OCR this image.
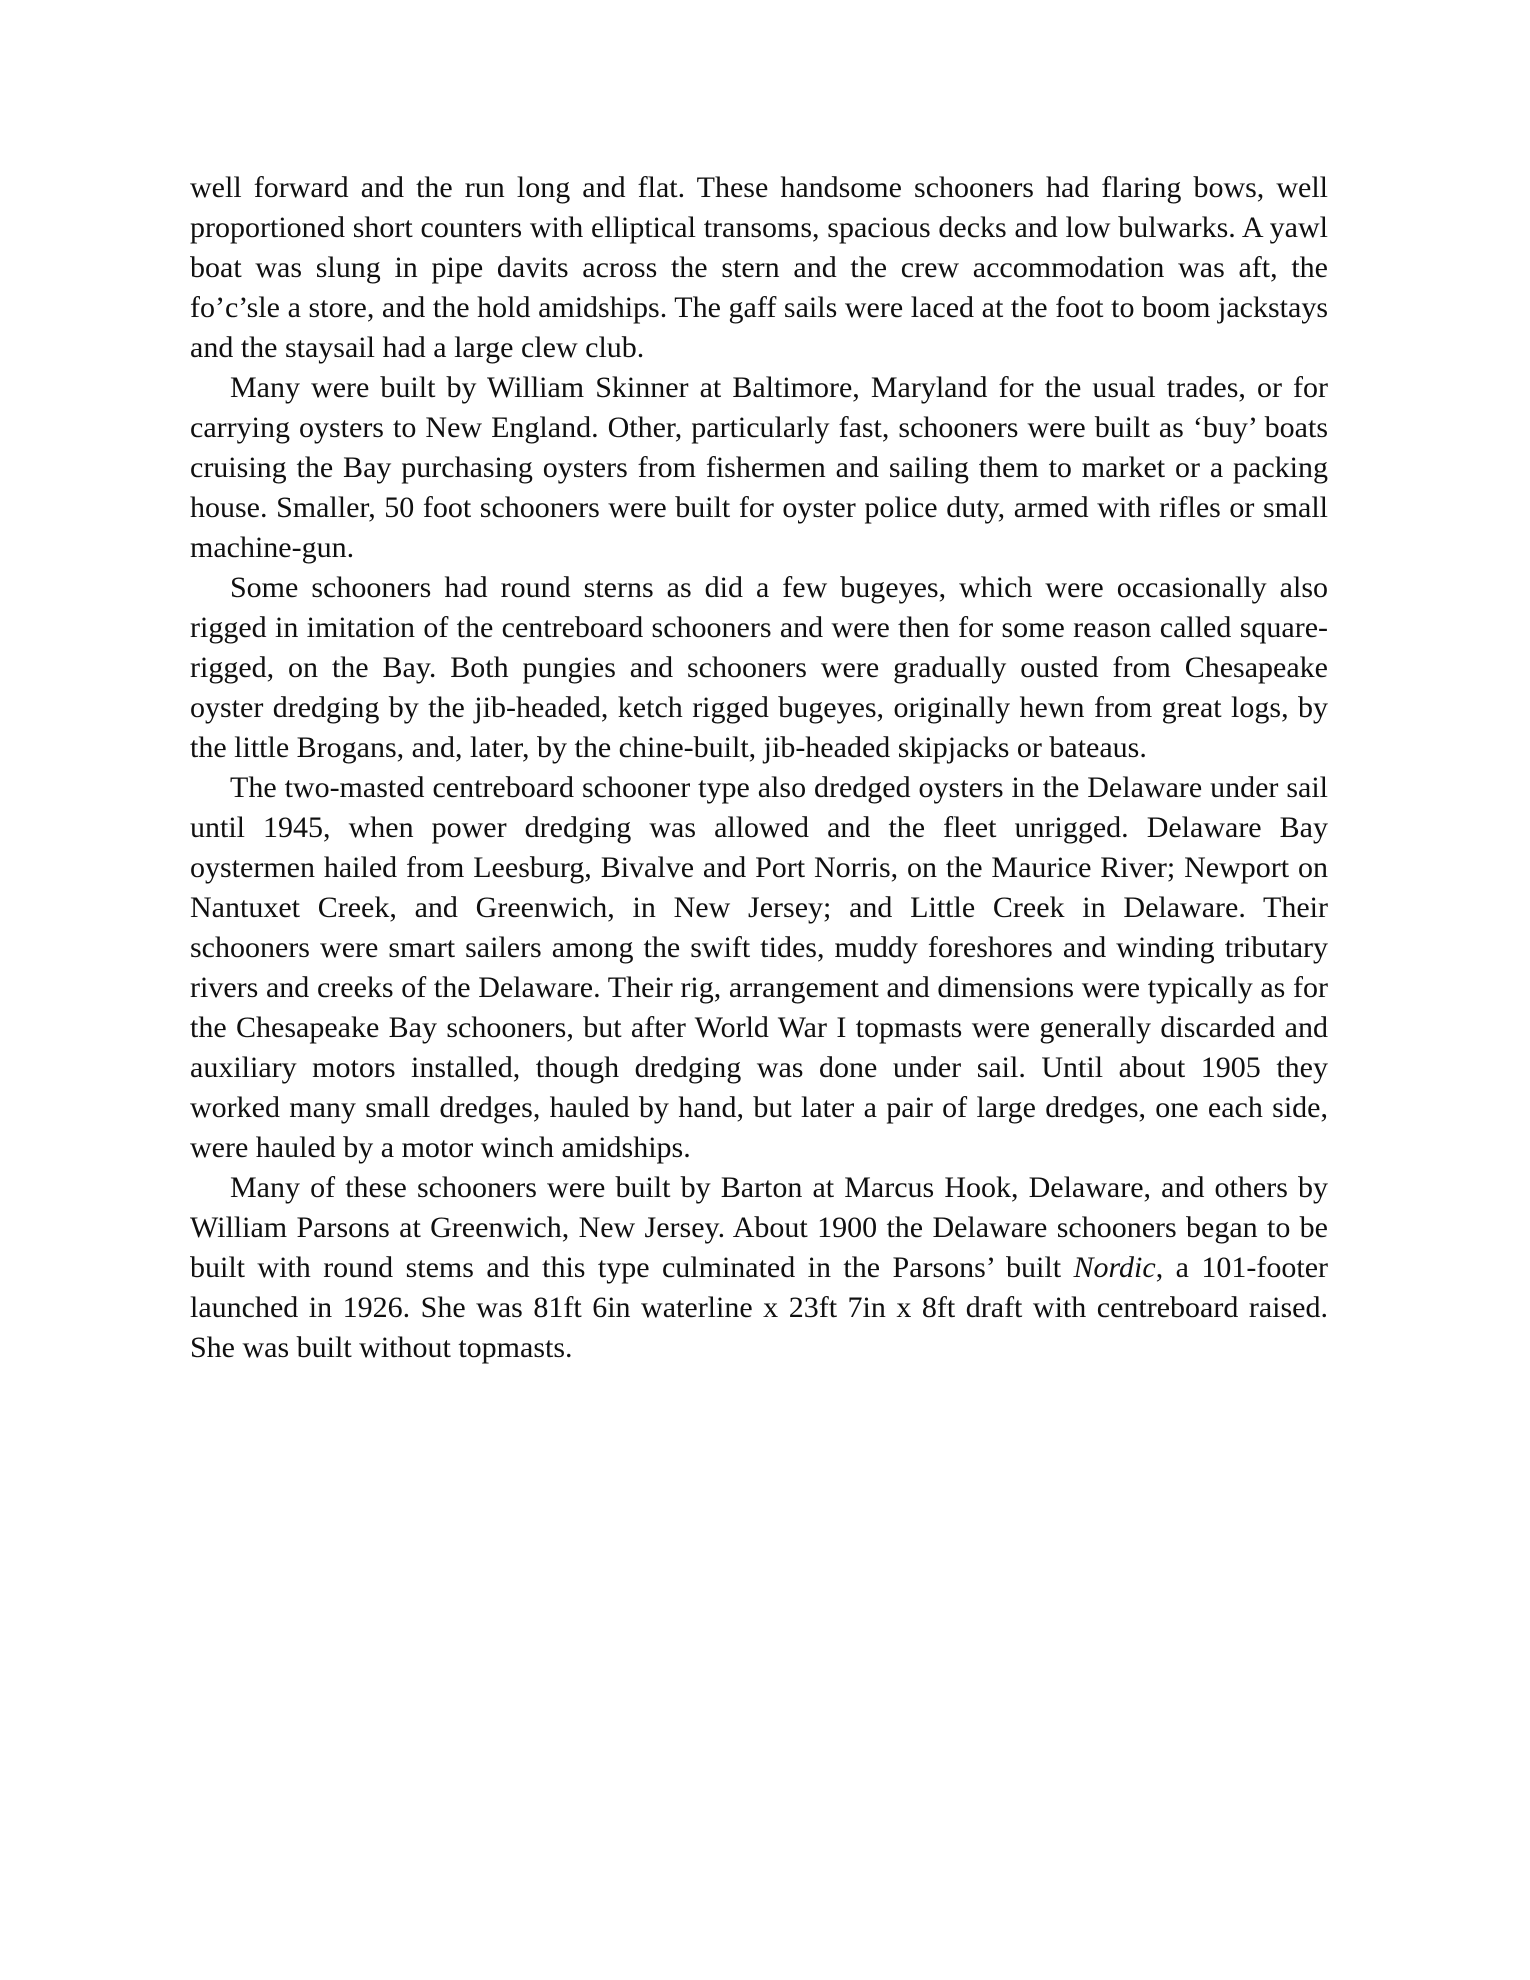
well forward and the run long and flat. These handsome schooners had flaring bows, well proportioned short counters with elliptical transoms, spacious decks and low bulwarks. A yawl boat was slung in pipe davits across the stern and the crew accommodation was aft, the fo’c’sle a store, and the hold amidships. The gaff sails were laced at the foot to boom jackstays and the staysail had a large clew club.

Many were built by William Skinner at Baltimore, Maryland for the usual trades, or for carrying oysters to New England. Other, particularly fast, schooners were built as ‘buy’ boats cruising the Bay purchasing oysters from fishermen and sailing them to market or a packing house. Smaller, 50 foot schooners were built for oyster police duty, armed with rifles or small machine-gun.

Some schooners had round sterns as did a few bugeyes, which were occasionally also rigged in imitation of the centreboard schooners and were then for some reason called square-rigged, on the Bay. Both pungies and schooners were gradually ousted from Chesapeake oyster dredging by the jib-headed, ketch rigged bugeyes, originally hewn from great logs, by the little Brogans, and, later, by the chine-built, jib-headed skipjacks or bateaus.

The two-masted centreboard schooner type also dredged oysters in the Delaware under sail until 1945, when power dredging was allowed and the fleet unrigged. Delaware Bay oystermen hailed from Leesburg, Bivalve and Port Norris, on the Maurice River; Newport on Nantuxet Creek, and Greenwich, in New Jersey; and Little Creek in Delaware. Their schooners were smart sailers among the swift tides, muddy foreshores and winding tributary rivers and creeks of the Delaware. Their rig, arrangement and dimensions were typically as for the Chesapeake Bay schooners, but after World War I topmasts were generally discarded and auxiliary motors installed, though dredging was done under sail. Until about 1905 they worked many small dredges, hauled by hand, but later a pair of large dredges, one each side, were hauled by a motor winch amidships.

Many of these schooners were built by Barton at Marcus Hook, Delaware, and others by William Parsons at Greenwich, New Jersey. About 1900 the Delaware schooners began to be built with round stems and this type culminated in the Parsons’ built Nordic, a 101-footer launched in 1926. She was 81ft 6in waterline x 23ft 7in x 8ft draft with centreboard raised. She was built without topmasts.
